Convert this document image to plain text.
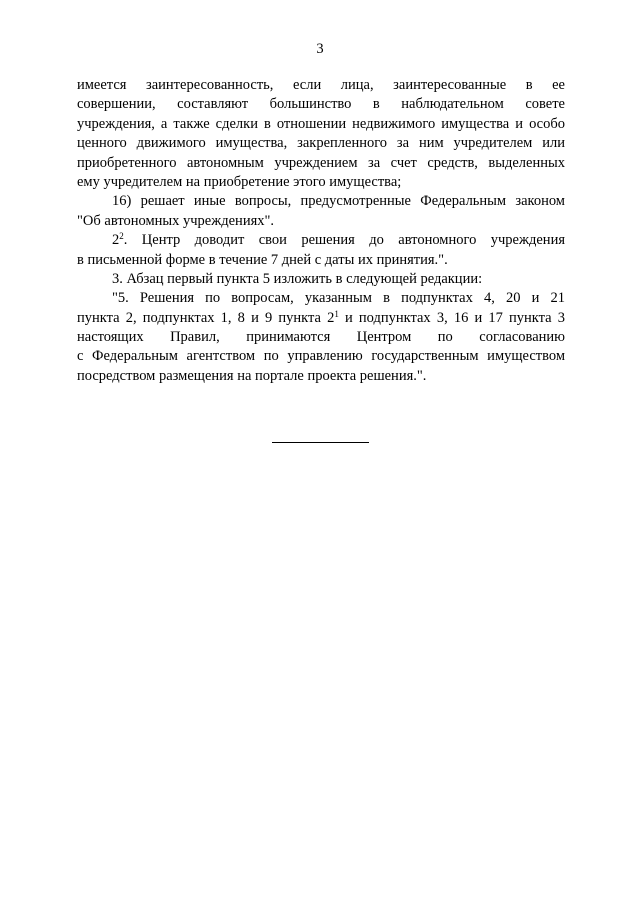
3
имеется заинтересованность, если лица, заинтересованные в ее
совершении, составляют большинство в наблюдательном совете
учреждения, а также сделки в отношении недвижимого имущества и особо
ценного движимого имущества, закрепленного за ним учредителем или
приобретенного автономным учреждением за счет средств, выделенных
ему учредителем на приобретение этого имущества;
16) решает иные вопросы, предусмотренные Федеральным законом
"Об автономных учреждениях".
$2^2$. Центр доводит свои решения до автономного учреждения
в письменной форме в течение 7 дней с даты их принятия.".
3. Абзац первый пункта 5 изложить в следующей редакции:
"5. Решения по вопросам, указанным в подпунктах 4, 20 и 21
пункта 2, подпунктах 1, 8 и 9 пункта $2^1$ и подпунктах 3, 16 и 17 пункта 3
настоящих Правил, принимаются Центром по согласованию
с Федеральным агентством по управлению государственным имуществом
посредством размещения на портале проекта решения.".
